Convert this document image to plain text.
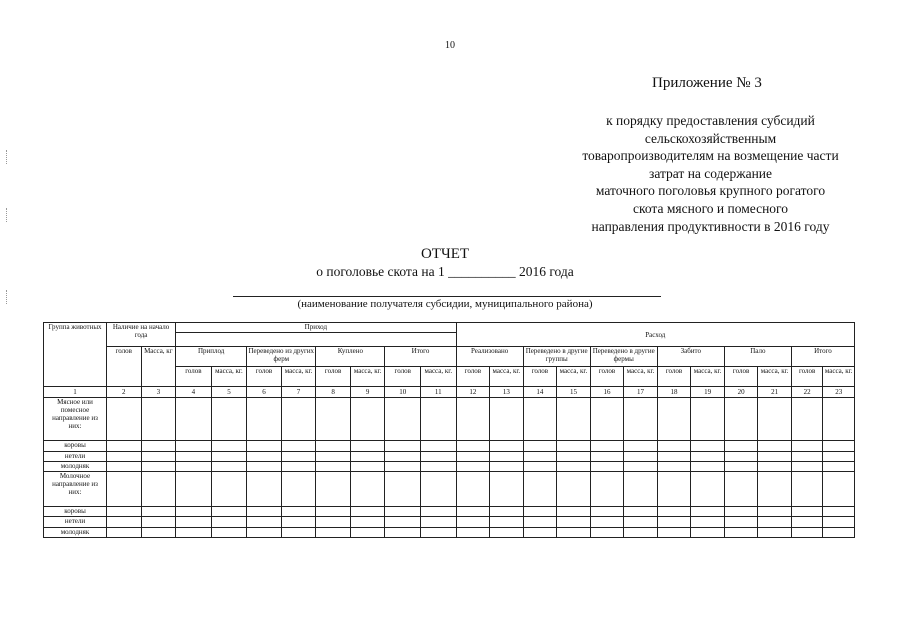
10
Приложение № 3
к порядку предоставления субсидий
сельскохозяйственным
товаропроизводителям на возмещение части
затрат на содержание
маточного поголовья крупного рогатого
скота мясного и помесного
направления продуктивности в 2016 году
ОТЧЕТ
о поголовье скота на 1 __________ 2016 года
(наименование получателя субсидии, муниципального района)
Группа животных	Наличие на начало года		Приход								Расход											

	голов	Масса, кг	Приплод		Переведено из других ферм		Куплено		Итого		Реализовано		Переведено в другие группы		Переведено в другие фермы		Забито		Пало		Итого	
			голов	масса, кг.	голов	масса, кг.	голов	масса, кг.	голов	масса, кг.	голов	масса, кг.	голов	масса, кг.	голов	масса, кг.	голов	масса, кг.	голов	масса, кг.	голов	масса, кг.
1	2	3	4	5	6	7	8	9	10	11	12	13	14	15	16	17	18	19	20	21	22	23
Мясное или помесное направление из них:																						
коровы																						
нетели																						
молодняк																						
Молочное направление из них:																						
коровы																						
нетели																						
молодняк																						
